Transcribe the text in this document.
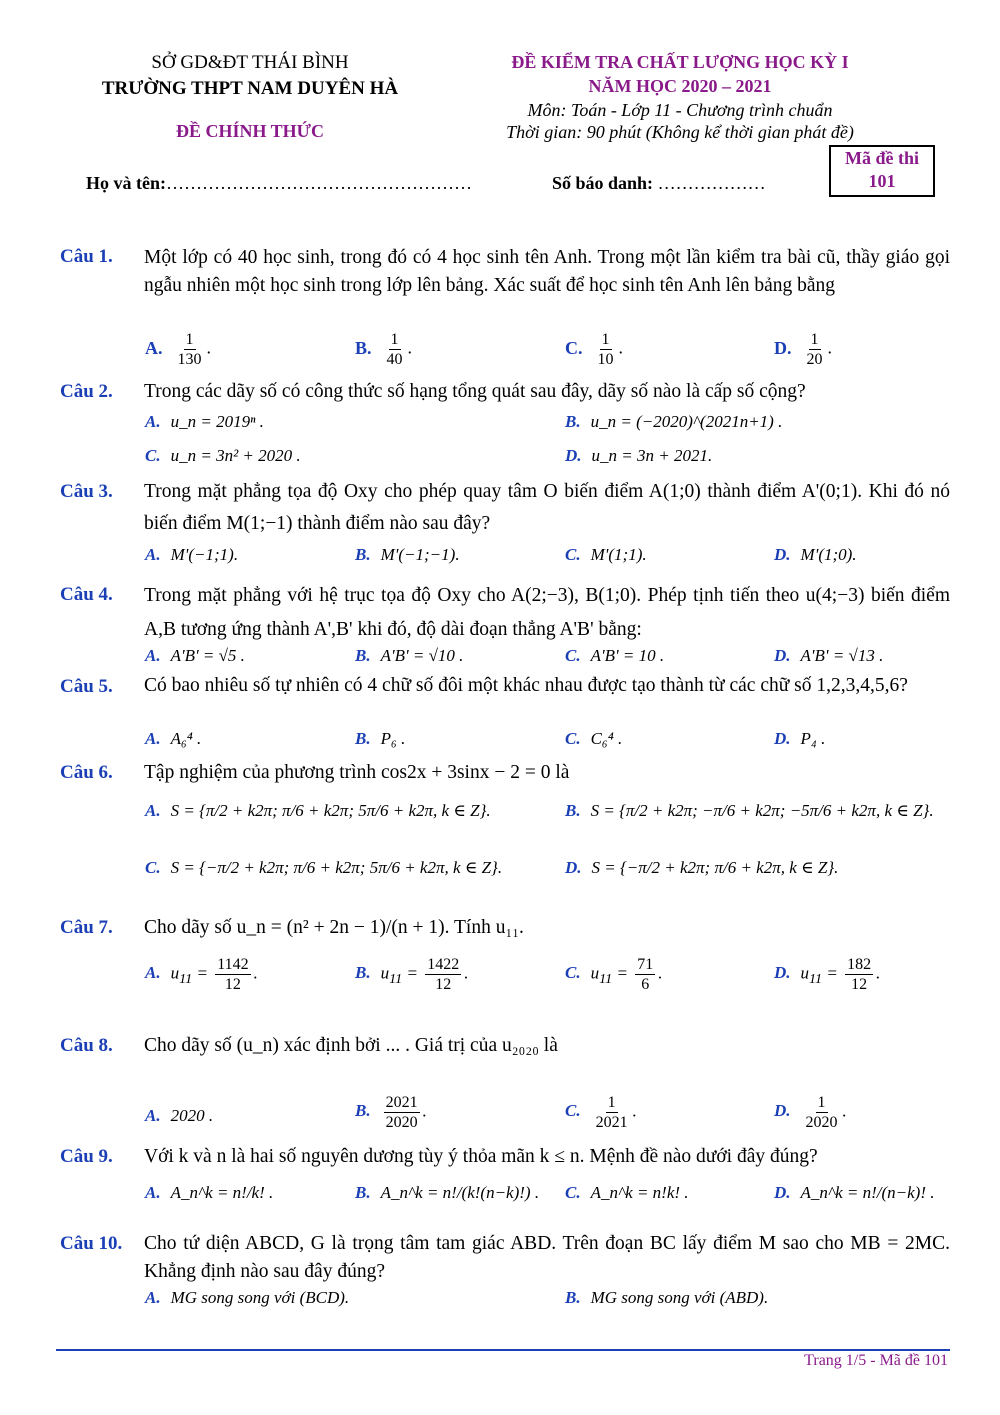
SỞ GD&ĐT THÁI BÌNH
TRƯỜNG THPT NAM DUYÊN HÀ
ĐỀ CHÍNH THỨC
ĐỀ KIỂM TRA CHẤT LƯỢNG HỌC KỲ I
NĂM HỌC 2020 – 2021
Môn: Toán - Lớp 11 - Chương trình chuẩn
Thời gian: 90 phút (Không kể thời gian phát đề)
Họ và tên:……………………………………………	Số báo danh: ………………
Mã đề thi
101
Câu 1. Một lớp có 40 học sinh, trong đó có 4 học sinh tên Anh. Trong một lần kiểm tra bài cũ, thầy giáo gọi ngẫu nhiên một học sinh trong lớp lên bảng. Xác suất để học sinh tên Anh lên bảng bằng
A. $\frac{1}{130}$ .	B. $\frac{1}{40}$ .	C. $\frac{1}{10}$ .	D. $\frac{1}{20}$ .
Câu 2. Trong các dãy số có công thức số hạng tổng quát sau đây, dãy số nào là cấp số cộng?
A. u_n = 2019ⁿ .	B. u_n = (−2020)^(2021n+1) .
C. u_n = 3n² + 2020 .	D. u_n = 3n + 2021.
Câu 3. Trong mặt phẳng tọa độ Oxy cho phép quay tâm O biến điểm A(1;0) thành điểm A'(0;1). Khi đó nó biến điểm M(1;−1) thành điểm nào sau đây?
A. M'(−1;1).	B. M'(−1;−1).	C. M'(1;1).	D. M'(1;0).
Câu 4. Trong mặt phẳng với hệ trục tọa độ Oxy cho A(2;−3), B(1;0). Phép tịnh tiến theo u(4;−3) biến điểm A,B tương ứng thành A',B' khi đó, độ dài đoạn thẳng A'B' bằng:
A. A'B' = √5 .	B. A'B' = √10 .	C. A'B' = 10 .	D. A'B' = √13 .
Câu 5. Có bao nhiêu số tự nhiên có 4 chữ số đôi một khác nhau được tạo thành từ các chữ số 1,2,3,4,5,6?
A. A₆⁴ .	B. P₆ .	C. C₆⁴ .	D. P₄ .
Câu 6. Tập nghiệm của phương trình cos2x + 3sinx − 2 = 0 là
A. S = {π/2 + k2π; π/6 + k2π; 5π/6 + k2π, k ∈ Z}.	B. S = {π/2 + k2π; −π/6 + k2π; −5π/6 + k2π, k ∈ Z}.
C. S = {−π/2 + k2π; π/6 + k2π; 5π/6 + k2π, k ∈ Z}.	D. S = {−π/2 + k2π; π/6 + k2π, k ∈ Z}.
Câu 7. Cho dãy số u_n = (n² + 2n − 1)/(n + 1). Tính u₁₁.
A. $u_{11} = \frac{1142}{12}$ .	B. $u_{11} = \frac{1422}{12}$ .	C. $u_{11} = \frac{71}{6}$ .	D. $u_{11} = \frac{182}{12}$ .
Câu 8. Cho dãy số (u_n) xác định bởi ... . Giá trị của u₂₀₂₀ là
A. 2020 .	B. $\frac{2021}{2020}$ .	C. $\frac{1}{2021}$ .	D. $\frac{1}{2020}$ .
Câu 9. Với k và n là hai số nguyên dương tùy ý thỏa mãn k ≤ n. Mệnh đề nào dưới đây đúng?
A. A_n^k = n!/k! .	B. A_n^k = n!/(k!(n−k)!) . C. A_n^k = n!k! .	D. A_n^k = n!/(n−k)! .
Câu 10. Cho tứ diện ABCD, G là trọng tâm tam giác ABD. Trên đoạn BC lấy điểm M sao cho MB = 2MC. Khẳng định nào sau đây đúng?
A. MG song song với (BCD).	B. MG song song với (ABD).
Trang 1/5 - Mã đề 101
